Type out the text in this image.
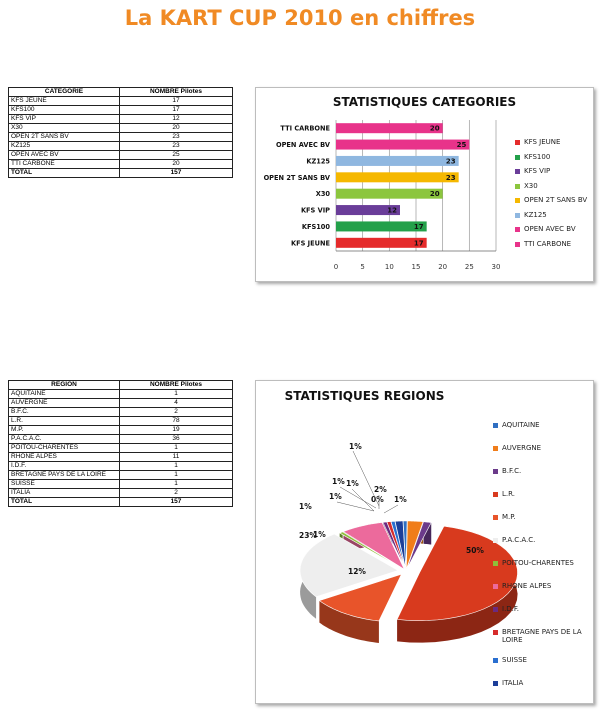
La KART CUP 2010 en chiffres
CATEGORIE	NOMBRE Pilotes
KFS JEUNE	17
KFS100	17
KFS VIP	12
X30	20
OPEN 2T SANS BV	23
KZ125	23
OPEN AVEC BV	25
TTI CARBONE	20
TOTAL	157
STATISTIQUES CATEGORIES
0	5	10	15	20	25	30
TTI CARBONE	20
OPEN AVEC BV	25
KZ125	23
OPEN 2T SANS BV	23
X30	20
KFS VIP	12
KFS100	17
KFS JEUNE	17
KFS JEUNE
KFS100
KFS VIP
X30
OPEN 2T SANS BV
KZ125
OPEN AVEC BV
TTI CARBONE
REGION	NOMBRE Pilotes
AQUITAINE	1
AUVERGNE	4
B.F.C.	2
L.R.	78
M.P.	19
P.A.C.A.C.	36
POITOU-CHARENTES	1
RHONE ALPES	11
I.D.F.	1
BRETAGNE PAYS DE LA LOIRE	1
SUISSE	1
ITALIA	2
TOTAL	157
STATISTIQUES REGIONS
1%
1%
1%
1%
2%
1%
0%
1%
1%
50%
12%
23%
AQUITAINE
AUVERGNE
B.F.C.
L.R.
M.P.
P.A.C.A.C.
POITOU-CHARENTES
RHONE ALPES
I.D.F.
BRETAGNE PAYS DE LA LOIRE
SUISSE
ITALIA
